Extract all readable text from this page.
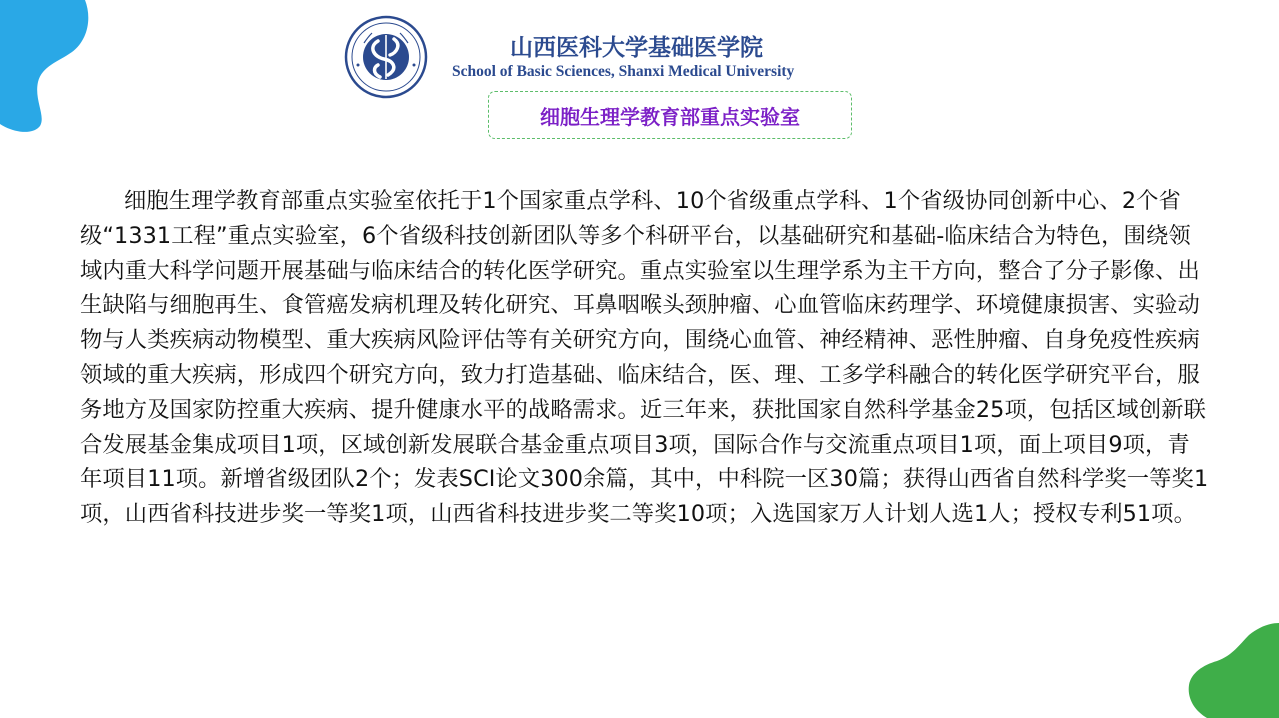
山西医科大学基础医学院
School of Basic Sciences, Shanxi Medical University
细胞生理学教育部重点实验室

细胞生理学教育部重点实验室依托于1个国家重点学科、10个省级重点学科、1个省级协同创新中心、2个省级“1331工程”重点实验室，6个省级科技创新团队等多个科研平台，以基础研究和基础-临床结合为特色，围绕领域内重大科学问题开展基础与临床结合的转化医学研究。重点实验室以生理学系为主干方向，整合了分子影像、出生缺陷与细胞再生、食管癌发病机理及转化研究、耳鼻咽喉头颈肿瘤、心血管临床药理学、环境健康损害、实验动物与人类疾病动物模型、重大疾病风险评估等有关研究方向，围绕心血管、神经精神、恶性肿瘤、自身免疫性疾病领域的重大疾病，形成四个研究方向，致力打造基础、临床结合，医、理、工多学科融合的转化医学研究平台，服务地方及国家防控重大疾病、提升健康水平的战略需求。近三年来，获批国家自然科学基金25项，包括区域创新联合发展基金集成项目1项，区域创新发展联合基金重点项目3项，国际合作与交流重点项目1项，面上项目9项，青年项目11项。新增省级团队2个；发表SCI论文300余篇，其中，中科院一区30篇；获得山西省自然科学奖一等奖1项，山西省科技进步奖一等奖1项，山西省科技进步奖二等奖10项；入选国家万人计划人选1人；授权专利51项。
